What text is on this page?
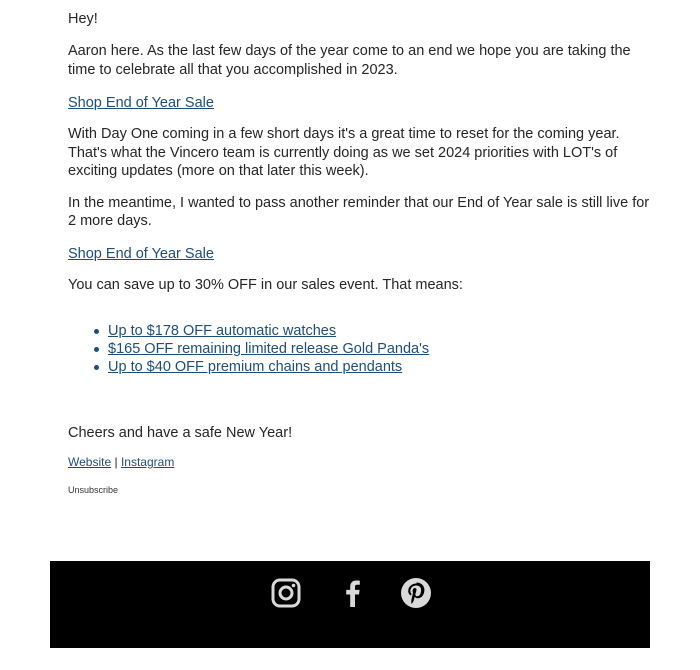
Hey!

Aaron here. As the last few days of the year come to an end we hope you are taking the

time to celebrate all that you accomplished in 2023.

Shop End of Year Sale

With Day One coming in a few short days it's a great time to reset for the coming year.

That's what the Vincero team is currently doing as we set 2024 priorities with LOT's of

exciting updates (more on that later this week).

In the meantime, I wanted to pass another reminder that our End of Year sale is still live for

2 more days.

Shop End of Year Sale

You can save up to 30% OFF in our sales event. That means:

Up to $178 OFF automatic watches
$165 OFF remaining limited release Gold Panda's
Up to $40 OFF premium chains and pendants

Cheers and have a safe New Year!

Website | Instagram

Unsubscribe
